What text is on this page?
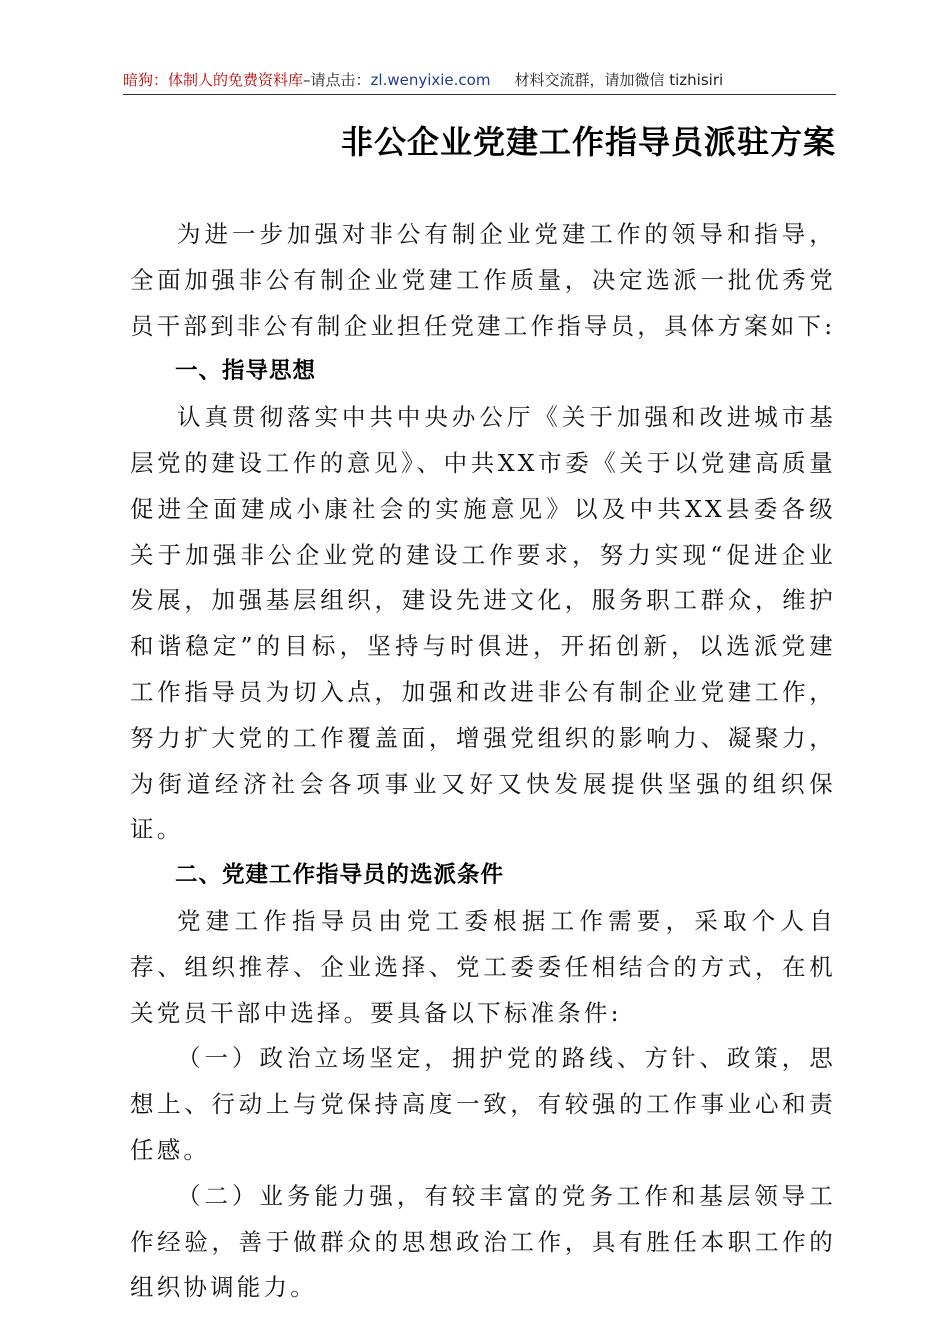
暗狗：体制人的免费资料库–请点击：zl.wenyixie.com 材料交流群，请加微信 tizhisiri
非公企业党建工作指导员派驻方案

为进一步加强对非公有制企业党建工作的领导和指导，全面加强非公有制企业党建工作质量，决定选派一批优秀党员干部到非公有制企业担任党建工作指导员，具体方案如下:

一、指导思想

认真贯彻落实中共中央办公厅《关于加强和改进城市基层党的建设工作的意见》、中共XX市委《关于以党建高质量促进全面建成小康社会的实施意见》以及中共XX县委各级关于加强非公企业党的建设工作要求，努力实现“促进企业发展，加强基层组织，建设先进文化，服务职工群众，维护和谐稳定”的目标，坚持与时俱进，开拓创新，以选派党建工作指导员为切入点，加强和改进非公有制企业党建工作，努力扩大党的工作覆盖面，增强党组织的影响力、凝聚力，为街道经济社会各项事业又好又快发展提供坚强的组织保证。

二、党建工作指导员的选派条件

党建工作指导员由党工委根据工作需要，采取个人自荐、组织推荐、企业选择、党工委委任相结合的方式，在机关党员干部中选择。要具备以下标准条件:

（一）政治立场坚定，拥护党的路线、方针、政策，思想上、行动上与党保持高度一致，有较强的工作事业心和责任感。

（二）业务能力强，有较丰富的党务工作和基层领导工作经验，善于做群众的思想政治工作，具有胜任本职工作的组织协调能力。
